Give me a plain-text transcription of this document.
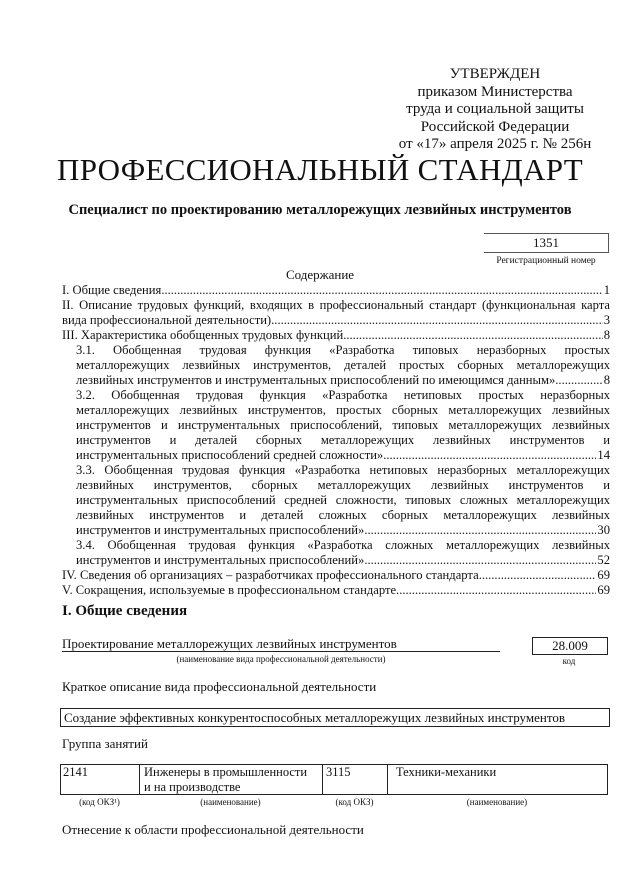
УТВЕРЖДЕН
приказом Министерства
труда и социальной защиты
Российской Федерации
от «17» апреля 2025 г. № 256н
ПРОФЕССИОНАЛЬНЫЙ СТАНДАРТ
Специалист по проектированию металлорежущих лезвийных инструментов
1351
Регистрационный номер
Содержание
I. Общие сведения .....	1
II. Описание трудовых функций, входящих в профессиональный стандарт (функциональная карта
вида профессиональной деятельности) .....	3
III. Характеристика обобщенных трудовых функций .....	8
3.1. Обобщенная трудовая функция «Разработка типовых неразборных простых
металлорежущих лезвийных инструментов, деталей простых сборных металлорежущих
лезвийных инструментов и инструментальных приспособлений по имеющимся данным» .....	8
3.2. Обобщенная трудовая функция «Разработка нетиповых простых неразборных
металлорежущих лезвийных инструментов, простых сборных металлорежущих лезвийных
инструментов и инструментальных приспособлений, типовых металлорежущих лезвийных
инструментов и деталей сборных металлорежущих лезвийных инструментов и
инструментальных приспособлений средней сложности» .....	14
3.3. Обобщенная трудовая функция «Разработка нетиповых неразборных металлорежущих
лезвийных инструментов, сборных металлорежущих лезвийных инструментов и
инструментальных приспособлений средней сложности, типовых сложных металлорежущих
лезвийных инструментов и деталей сложных сборных металлорежущих лезвийных
инструментов и инструментальных приспособлений» .....	30
3.4. Обобщенная трудовая функция «Разработка сложных металлорежущих лезвийных
инструментов и инструментальных приспособлений» .....	52
IV. Сведения об организациях – разработчиках профессионального стандарта .....	69
V. Сокращения, используемые в профессиональном стандарте .....	69
I. Общие сведения
Проектирование металлорежущих лезвийных инструментов
(наименование вида профессиональной деятельности)
28.009
код
Краткое описание вида профессиональной деятельности
Создание эффективных конкурентоспособных металлорежущих лезвийных инструментов
Группа занятий
2141	Инженеры в промышленности
и на производстве
3115	Техники-механики
(код ОКЗ¹)	(наименование)	(код ОКЗ)	(наименование)
Отнесение к области профессиональной деятельности
